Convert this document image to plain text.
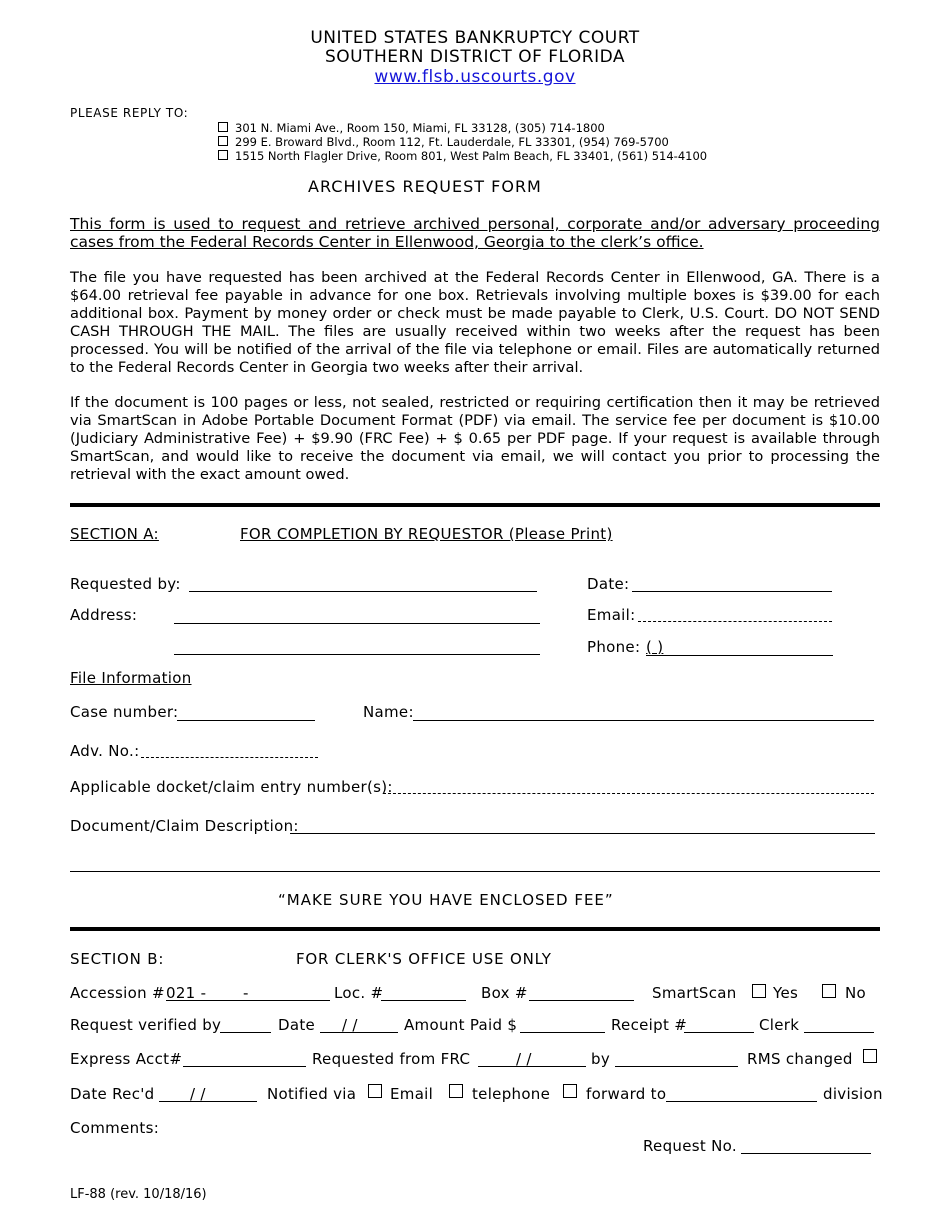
UNITED STATES BANKRUPTCY COURT
SOUTHERN DISTRICT OF FLORIDA
www.flsb.uscourts.gov
PLEASE REPLY TO:
301 N. Miami Ave., Room 150, Miami, FL 33128, (305) 714-1800
299 E. Broward Blvd., Room 112, Ft. Lauderdale, FL 33301, (954) 769-5700
1515 North Flagler Drive, Room 801, West Palm Beach, FL 33401, (561) 514-4100
ARCHIVES REQUEST FORM
This form is used to request and retrieve archived personal, corporate and/or adversary proceeding cases from the Federal Records Center in Ellenwood, Georgia to the clerk’s office.
The file you have requested has been archived at the Federal Records Center in Ellenwood, GA. There is a $64.00 retrieval fee payable in advance for one box. Retrievals involving multiple boxes is $39.00 for each additional box. Payment by money order or check must be made payable to Clerk, U.S. Court. DO NOT SEND CASH THROUGH THE MAIL. The files are usually received within two weeks after the request has been processed. You will be notified of the arrival of the file via telephone or email. Files are automatically returned to the Federal Records Center in Georgia two weeks after their arrival.
If the document is 100 pages or less, not sealed, restricted or requiring certification then it may be retrieved via SmartScan in Adobe Portable Document Format (PDF) via email. The service fee per document is $10.00 (Judiciary Administrative Fee) + $9.90 (FRC Fee) + $ 0.65 per PDF page. If your request is available through SmartScan, and would like to receive the document via email, we will contact you prior to processing the retrieval with the exact amount owed.
SECTION A:	FOR COMPLETION BY REQUESTOR (Please Print)
Requested by:	Date:
Address:	Email:
Phone: ( )
File Information
Case number:	Name:
Adv. No.:
Applicable docket/claim entry number(s):
Document/Claim Description:
“MAKE SURE YOU HAVE ENCLOSED FEE”
SECTION B:	FOR CLERK'S OFFICE USE ONLY
Accession # 021 - -	Loc. #	Box #	SmartScan Yes	No
Request verified by	Date / /	Amount Paid $	Receipt #	Clerk
Express Acct#	Requested from FRC	/ /	by	RMS changed
Date Rec'd / /	Notified via Email	telephone forward to	division
Comments:
Request No.
LF-88 (rev. 10/18/16)
